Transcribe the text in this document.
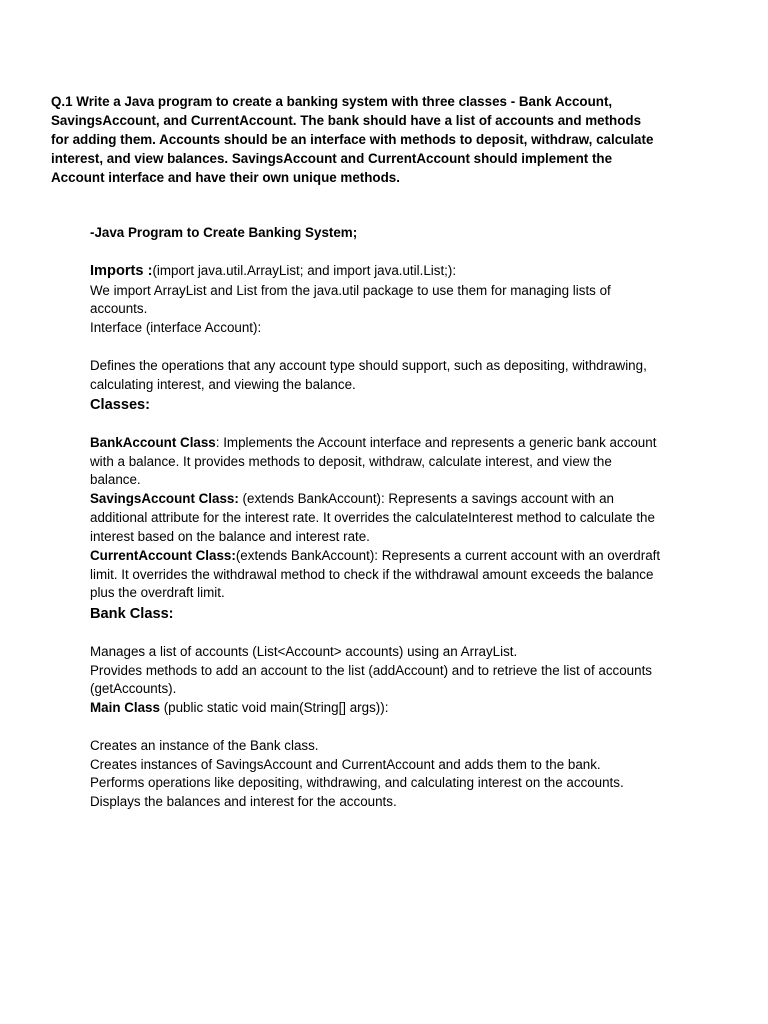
Q.1 Write a Java program to create a banking system with three classes - Bank Account,

SavingsAccount, and CurrentAccount. The bank should have a list of accounts and methods

for adding them. Accounts should be an interface with methods to deposit, withdraw, calculate

interest, and view balances. SavingsAccount and CurrentAccount should implement the

Account interface and have their own unique methods.

-Java Program to Create Banking System;
Imports :(import java.util.ArrayList; and import java.util.List;):
We import ArrayList and List from the java.util package to use them for managing lists of
accounts.
Interface (interface Account):
Defines the operations that any account type should support, such as depositing, withdrawing,
calculating interest, and viewing the balance.
Classes:
BankAccount Class: Implements the Account interface and represents a generic bank account
with a balance. It provides methods to deposit, withdraw, calculate interest, and view the
balance.
SavingsAccount Class: (extends BankAccount): Represents a savings account with an
additional attribute for the interest rate. It overrides the calculateInterest method to calculate the
interest based on the balance and interest rate.
CurrentAccount Class:(extends BankAccount): Represents a current account with an overdraft
limit. It overrides the withdrawal method to check if the withdrawal amount exceeds the balance
plus the overdraft limit.
Bank Class:
Manages a list of accounts (List<Account> accounts) using an ArrayList.
Provides methods to add an account to the list (addAccount) and to retrieve the list of accounts
(getAccounts).
Main Class (public static void main(String[] args)):
Creates an instance of the Bank class.
Creates instances of SavingsAccount and CurrentAccount and adds them to the bank.
Performs operations like depositing, withdrawing, and calculating interest on the accounts.
Displays the balances and interest for the accounts.
